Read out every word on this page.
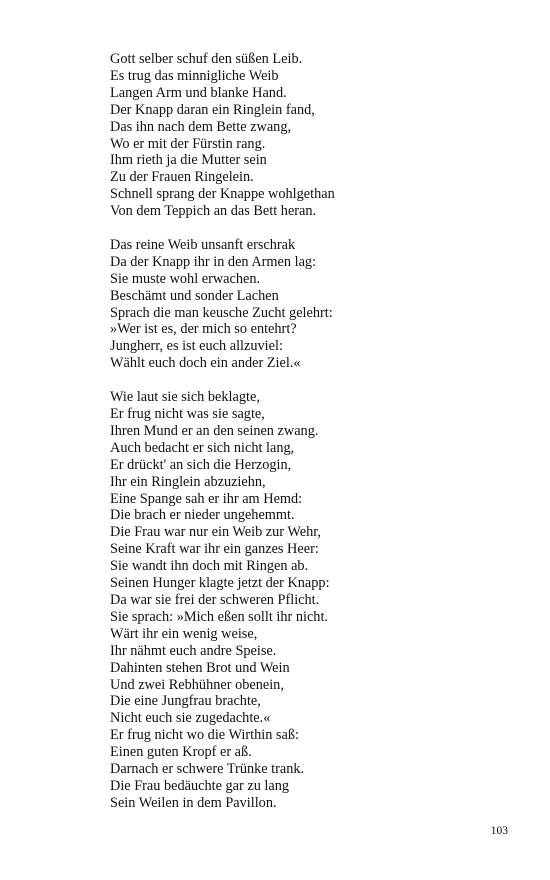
Gott selber schuf den süßen Leib.
Es trug das minnigliche Weib
Langen Arm und blanke Hand.
Der Knapp daran ein Ringlein fand,
Das ihn nach dem Bette zwang,
Wo er mit der Fürstin rang.
Ihm rieth ja die Mutter sein
Zu der Frauen Ringelein.
Schnell sprang der Knappe wohlgethan
Von dem Teppich an das Bett heran.
Das reine Weib unsanft erschrak
Da der Knapp ihr in den Armen lag:
Sie muste wohl erwachen.
Beschämt und sonder Lachen
Sprach die man keusche Zucht gelehrt:
»Wer ist es, der mich so entehrt?
Jungherr, es ist euch allzuviel:
Wählt euch doch ein ander Ziel.«
Wie laut sie sich beklagte,
Er frug nicht was sie sagte,
Ihren Mund er an den seinen zwang.
Auch bedacht er sich nicht lang,
Er drückt' an sich die Herzogin,
Ihr ein Ringlein abzuziehn,
Eine Spange sah er ihr am Hemd:
Die brach er nieder ungehemmt.
Die Frau war nur ein Weib zur Wehr,
Seine Kraft war ihr ein ganzes Heer:
Sie wandt ihn doch mit Ringen ab.
Seinen Hunger klagte jetzt der Knapp:
Da war sie frei der schweren Pflicht.
Sie sprach: »Mich eßen sollt ihr nicht.
Wärt ihr ein wenig weise,
Ihr nähmt euch andre Speise.
Dahinten stehen Brot und Wein
Und zwei Rebhühner obenein,
Die eine Jungfrau brachte,
Nicht euch sie zugedachte.«
Er frug nicht wo die Wirthin saß:
Einen guten Kropf er aß.
Darnach er schwere Trünke trank.
Die Frau bedäuchte gar zu lang
Sein Weilen in dem Pavillon.
103
